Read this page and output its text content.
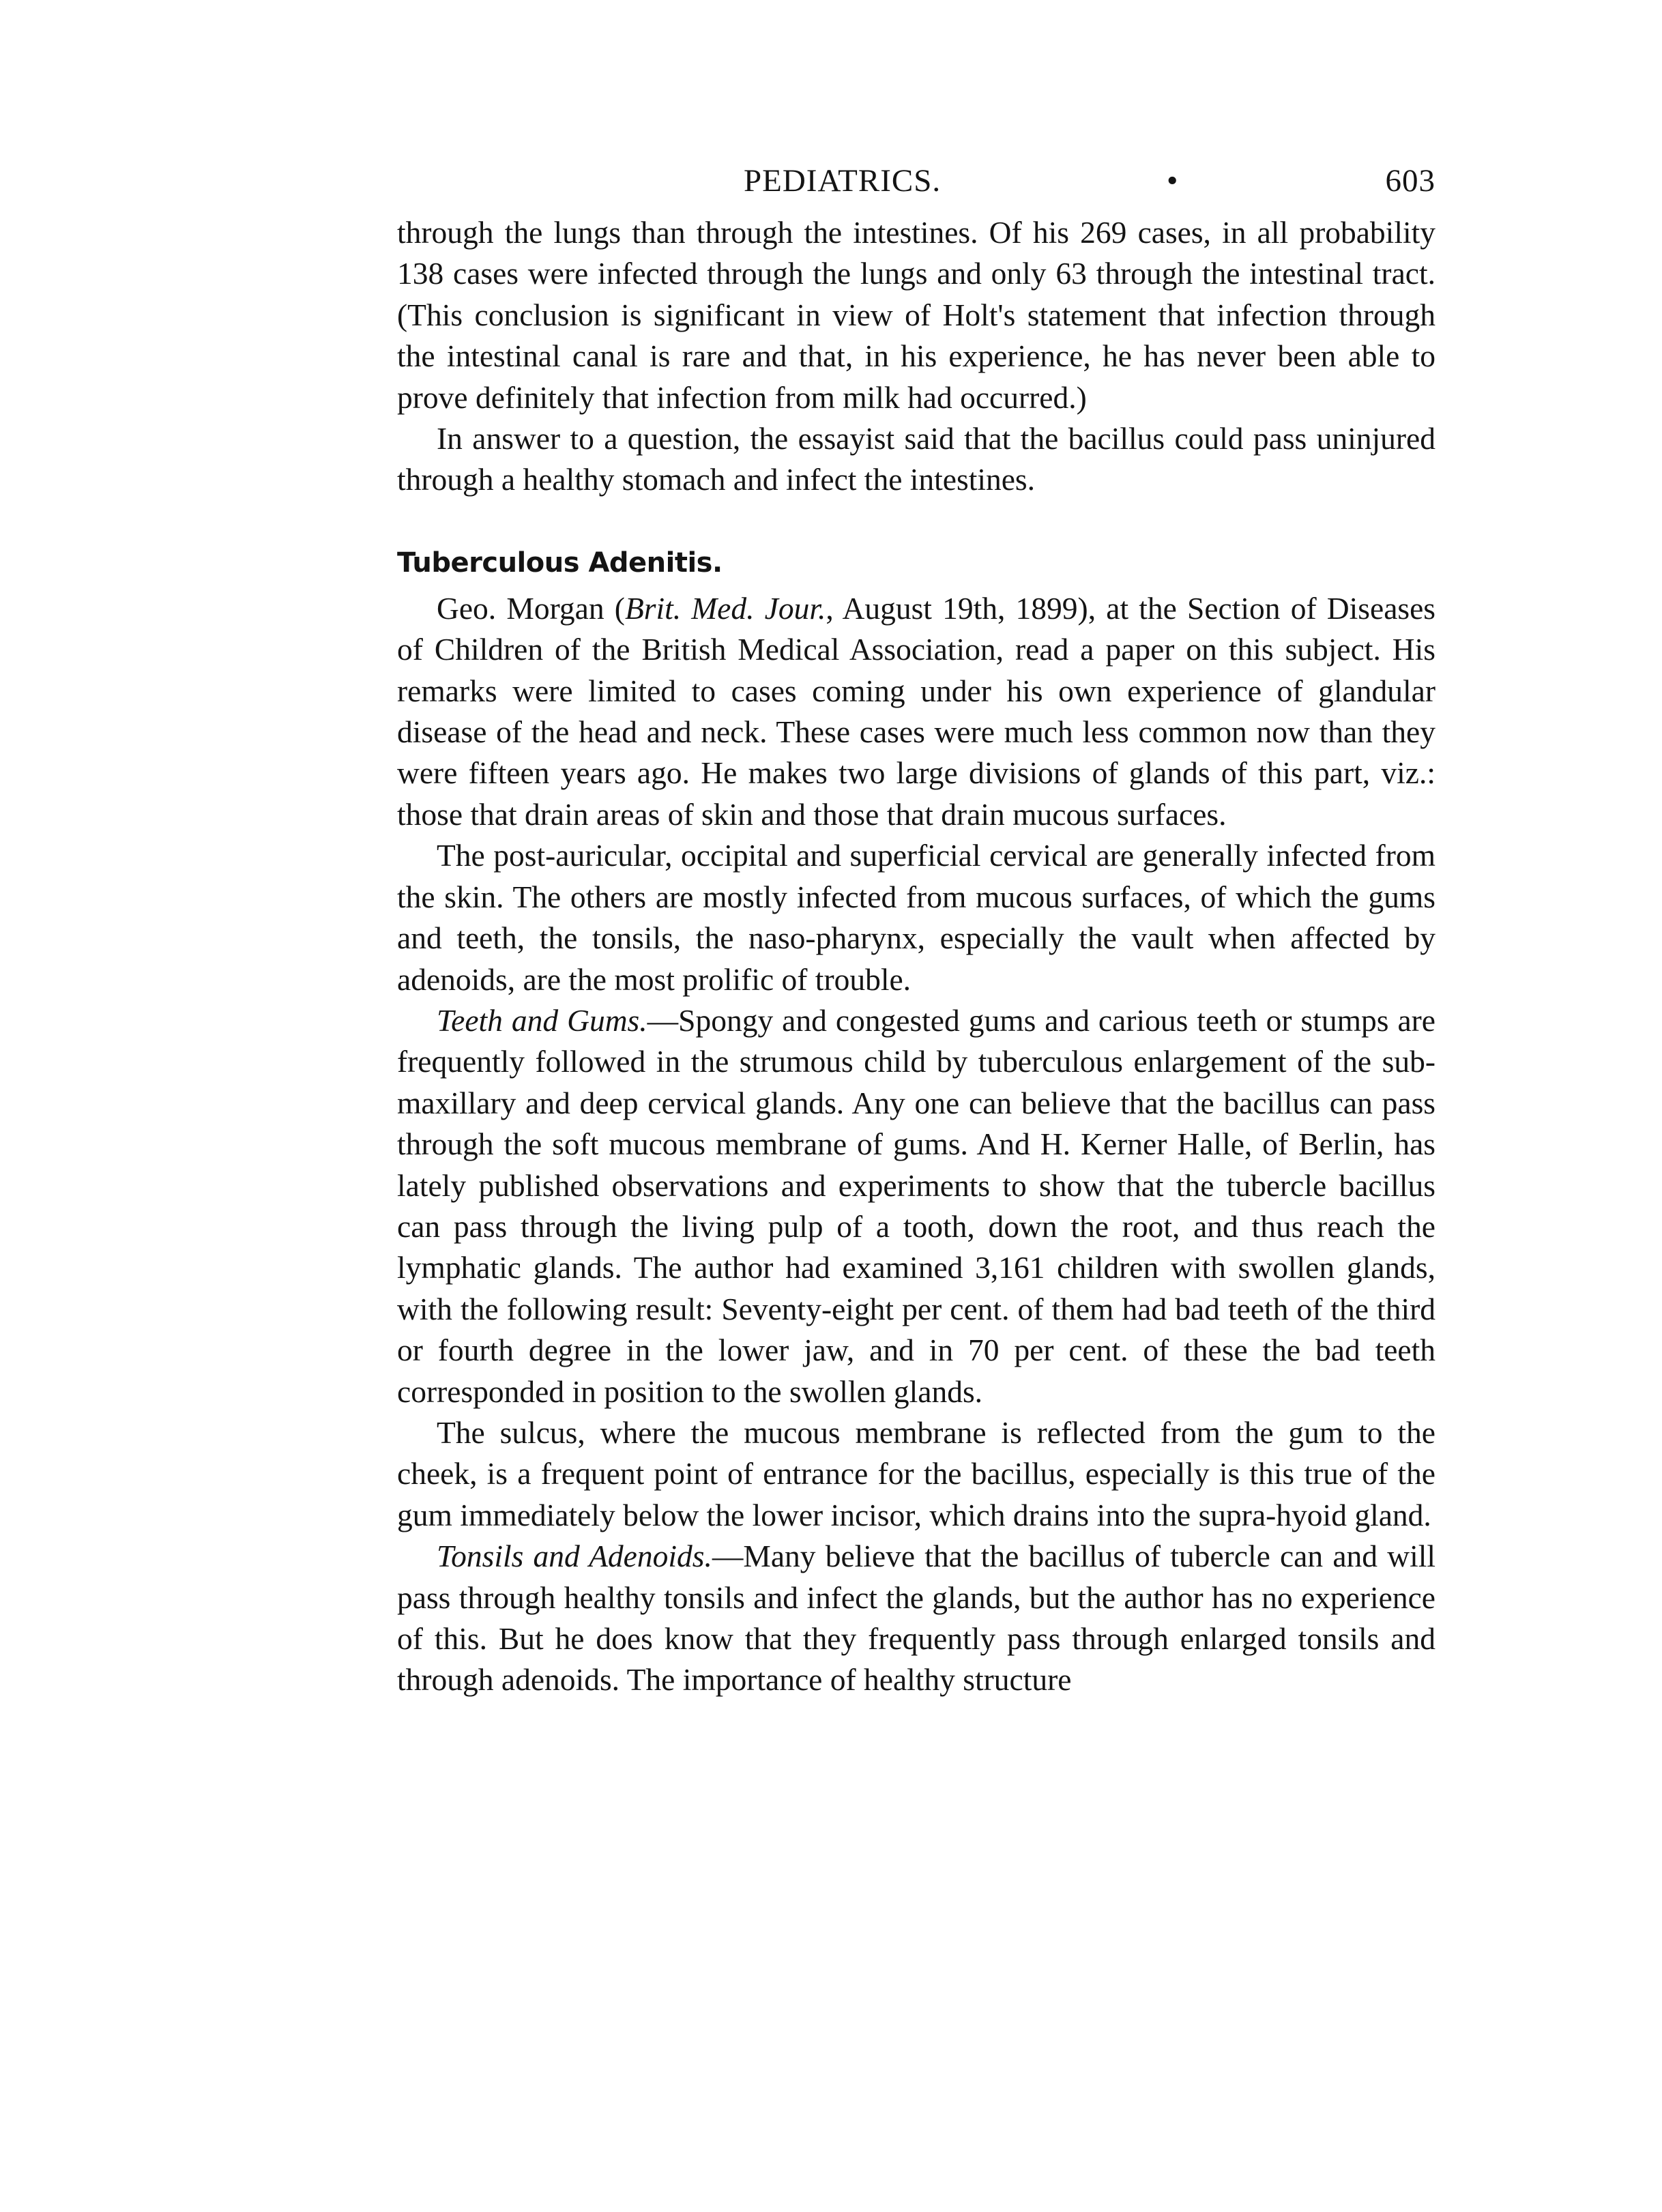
PEDIATRICS.	•	603

through the lungs than through the intestines. Of his 269 cases, in all probability 138 cases were infected through the lungs and only 63 through the intestinal tract. (This conclusion is significant in view of Holt's statement that infection through the intestinal canal is rare and that, in his experience, he has never been able to prove definitely that infection from milk had occurred.)

In answer to a question, the essayist said that the bacillus could pass uninjured through a healthy stomach and infect the intestines.

Tuberculous Adenitis.

Geo. Morgan (Brit. Med. Jour., August 19th, 1899), at the Section of Diseases of Children of the British Medical Association, read a paper on this subject. His remarks were limited to cases coming under his own experience of glandular disease of the head and neck. These cases were much less common now than they were fifteen years ago. He makes two large divisions of glands of this part, viz.: those that drain areas of skin and those that drain mucous surfaces.

The post-auricular, occipital and superficial cervical are generally infected from the skin. The others are mostly infected from mucous surfaces, of which the gums and teeth, the tonsils, the naso-pharynx, especially the vault when affected by adenoids, are the most prolific of trouble.

Teeth and Gums.—Spongy and congested gums and carious teeth or stumps are frequently followed in the strumous child by tuberculous enlargement of the sub-maxillary and deep cervical glands. Any one can believe that the bacillus can pass through the soft mucous membrane of gums. And H. Kerner Halle, of Berlin, has lately published observations and experiments to show that the tubercle bacillus can pass through the living pulp of a tooth, down the root, and thus reach the lymphatic glands. The author had examined 3,161 children with swollen glands, with the following result: Seventy-eight per cent. of them had bad teeth of the third or fourth degree in the lower jaw, and in 70 per cent. of these the bad teeth corresponded in position to the swollen glands.

The sulcus, where the mucous membrane is reflected from the gum to the cheek, is a frequent point of entrance for the bacillus, especially is this true of the gum immediately below the lower incisor, which drains into the supra-hyoid gland.

Tonsils and Adenoids.—Many believe that the bacillus of tubercle can and will pass through healthy tonsils and infect the glands, but the author has no experience of this. But he does know that they frequently pass through enlarged tonsils and through adenoids. The importance of healthy structure
